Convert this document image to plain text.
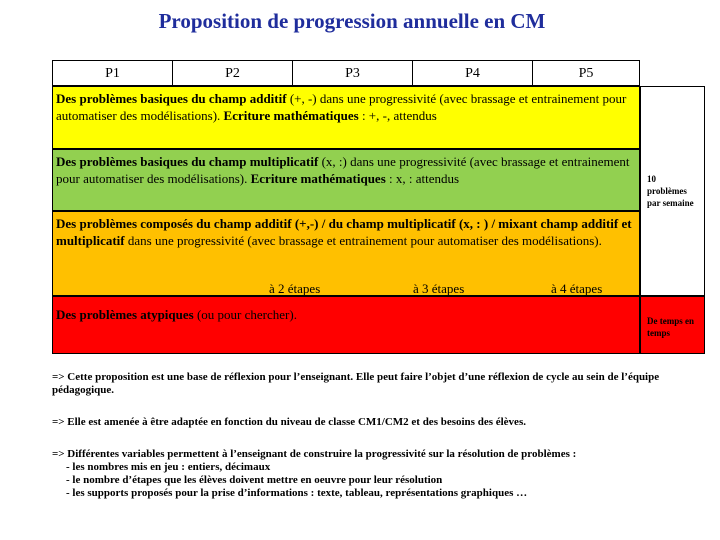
Proposition de progression annuelle en CM
P1	P2	P3	P4	P5
Des problèmes basiques du champ additif (+, -) dans une progressivité (avec brassage et entrainement pour automatiser des modélisations). Ecriture mathématiques : +, -, attendus
Des problèmes basiques du champ multiplicatif (x, :) dans une progressivité (avec brassage et entrainement pour automatiser des modélisations). Ecriture mathématiques : x, : attendus
Des problèmes composés du champ additif (+,-) / du champ multiplicatif (x, : ) / mixant champ additif et multiplicatif dans une progressivité (avec brassage et entrainement pour automatiser des modélisations).
à 2 étapes	à 3 étapes	à 4 étapes
Des problèmes atypiques (ou pour chercher).
10 problèmes par semaine
De temps en temps

=> Cette proposition est une base de réflexion pour l’enseignant. Elle peut faire l’objet d’une réflexion de cycle au sein de l’équipe pédagogique.

=> Elle est amenée à être adaptée en fonction du niveau de classe CM1/CM2 et des besoins des élèves.

=> Différentes variables permettent à l’enseignant de construire la progressivité sur la résolution de problèmes :

- les nombres mis en jeu : entiers, décimaux
- le nombre d’étapes que les élèves doivent mettre en oeuvre pour leur résolution
- les supports proposés pour la prise d’informations : texte, tableau, représentations graphiques …
